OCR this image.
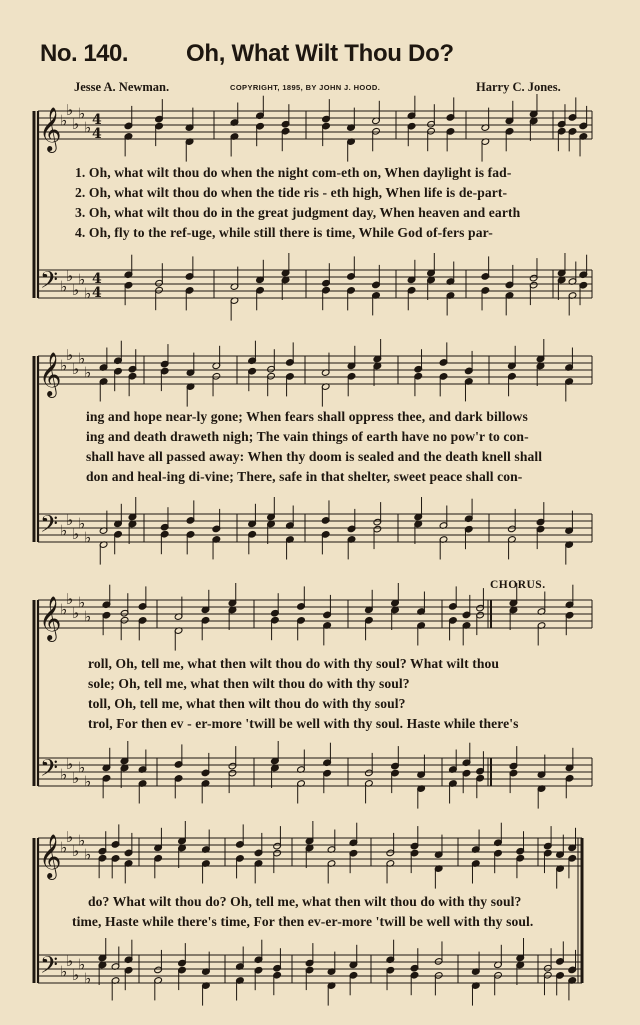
No. 140. Oh, What Wilt Thou Do?
Jesse A. Newman.	COPYRIGHT, 1895, BY JOHN J. HOOD.	Harry C. Jones.
𝄞
𝄢
♭
♭
♭
♭
♭
♭
♭
♭
♭
♭
4
4
4
4
𝄞
𝄢
♭
♭
♭
♭
♭
♭
♭
♭
♭
♭
𝄞
𝄢
♭
♭
♭
♭
♭
♭
♭
♭
♭
♭
𝄞
𝄢
♭
♭
♭
♭
♭
♭
♭
♭
♭
♭
1. Oh, what wilt thou do when the night com-eth on, When daylight is fad-
2. Oh, what wilt thou do when the tide ris - eth high, When life is de-part-
3. Oh, what wilt thou do in the great judgment day, When heaven and earth
4. Oh, fly to the ref-uge, while still there is time, While God of-fers par-
ing and hope near-ly gone; When fears shall oppress thee, and dark billows
ing and death draweth nigh; The vain things of earth have no pow'r to con-
shall have all passed away: When thy doom is sealed and the death knell shall
don and heal-ing di-vine; There, safe in that shelter, sweet peace shall con-
CHORUS.
roll, Oh, tell me, what then wilt thou do with thy soul? What wilt thou
sole; Oh, tell me, what then wilt thou do with thy soul?
toll, Oh, tell me, what then wilt thou do with thy soul?
trol, For then ev - er-more 'twill be well with thy soul. Haste while there's
do? What wilt thou do? Oh, tell me, what then wilt thou do with thy soul?
time, Haste while there's time, For then ev-er-more 'twill be well with thy soul.
